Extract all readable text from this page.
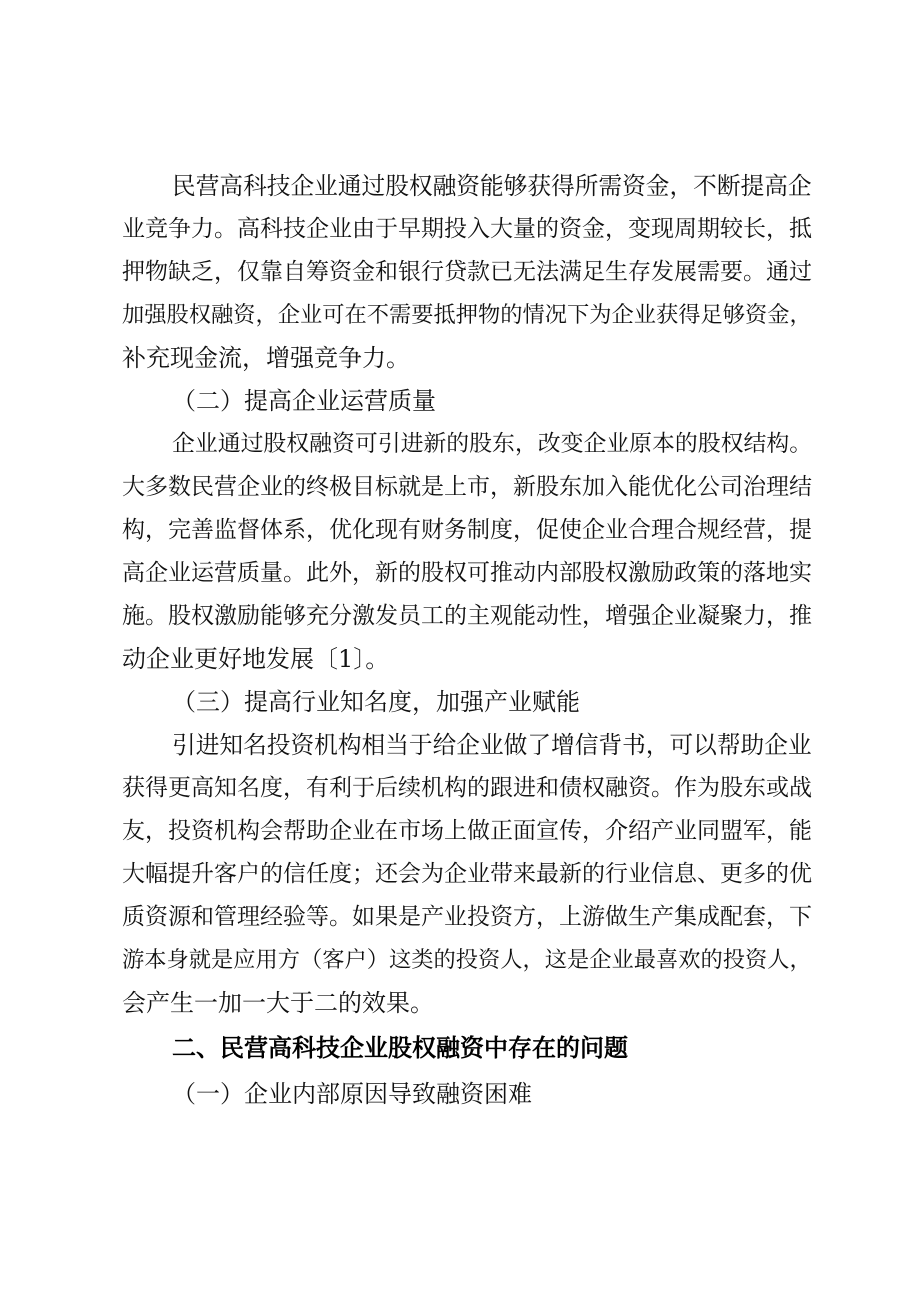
民营高科技企业通过股权融资能够获得所需资金，不断提高企
业竞争力。高科技企业由于早期投入大量的资金，变现周期较长，抵
押物缺乏，仅靠自筹资金和银行贷款已无法满足生存发展需要。通过
加强股权融资，企业可在不需要抵押物的情况下为企业获得足够资金，
补充现金流，增强竞争力。
（二）提高企业运营质量
企业通过股权融资可引进新的股东，改变企业原本的股权结构。
大多数民营企业的终极目标就是上市，新股东加入能优化公司治理结
构，完善监督体系，优化现有财务制度，促使企业合理合规经营，提
高企业运营质量。此外，新的股权可推动内部股权激励政策的落地实
施。股权激励能够充分激发员工的主观能动性，增强企业凝聚力，推
动企业更好地发展〔1〕。
（三）提高行业知名度，加强产业赋能
引进知名投资机构相当于给企业做了增信背书，可以帮助企业
获得更高知名度，有利于后续机构的跟进和债权融资。作为股东或战
友，投资机构会帮助企业在市场上做正面宣传，介绍产业同盟军，能
大幅提升客户的信任度；还会为企业带来最新的行业信息、更多的优
质资源和管理经验等。如果是产业投资方，上游做生产集成配套，下
游本身就是应用方（客户）这类的投资人，这是企业最喜欢的投资人，
会产生一加一大于二的效果。
二、民营高科技企业股权融资中存在的问题
（一）企业内部原因导致融资困难
